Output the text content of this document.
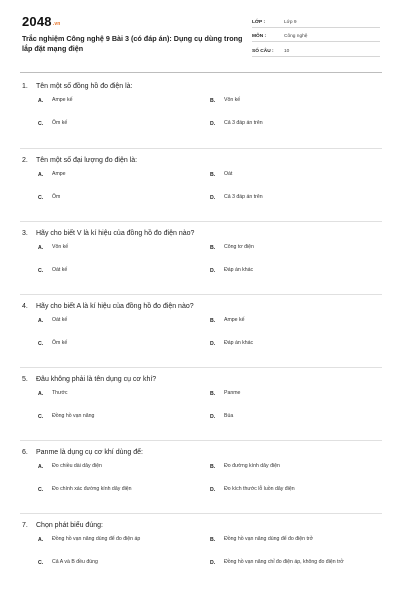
$2048_{.vn}$
Trắc nghiệm Công nghệ 9 Bài 3 (có đáp án): Dụng cụ dùng trong lắp đặt mạng điện
LỚP :	Lớp 9
MÔN :	Công nghệ
SỐ CÂU :	10
1.	Tên một số đồng hồ đo điện là:
A.	Ampe kế	B.	Vôn kế
C.	Ôm kế	D.	Cả 3 đáp án trên
2.	Tên một số đại lượng đo điện là:
A.	Ampe	B.	Oát
C.	Ôm	D.	Cả 3 đáp án trên
3.	Hãy cho biết V là kí hiệu của đồng hồ đo điện nào?
A.	Vôn kế	B.	Công tơ điện
C.	Oát kế	D.	Đáp án khác
4.	Hãy cho biết A là kí hiệu của đồng hồ đo điện nào?
A.	Oát kế	B.	Ampe kế
C.	Ôm kế	D.	Đáp án khác
5.	Đâu không phải là tên dụng cụ cơ khí?
A.	Thước	B.	Panme
C.	Đồng hồ vạn năng	D.	Búa
6.	Panme là dụng cụ cơ khí dùng để:
A.	Đo chiều dài dây điện	B.	Đo đường kính dây điện
C.	Đo chính xác đường kính dây điện	D.	Đo kích thước lỗ luồn dây điện
7.	Chọn phát biểu đúng:
A.	Đồng hồ vạn năng dùng để đo điện áp	B.	Đồng hồ vạn năng dùng để đo điện trở
C.	Cả A và B đều đúng	D.	Đồng hồ vạn năng chỉ đo điện áp, không đo điện trở
